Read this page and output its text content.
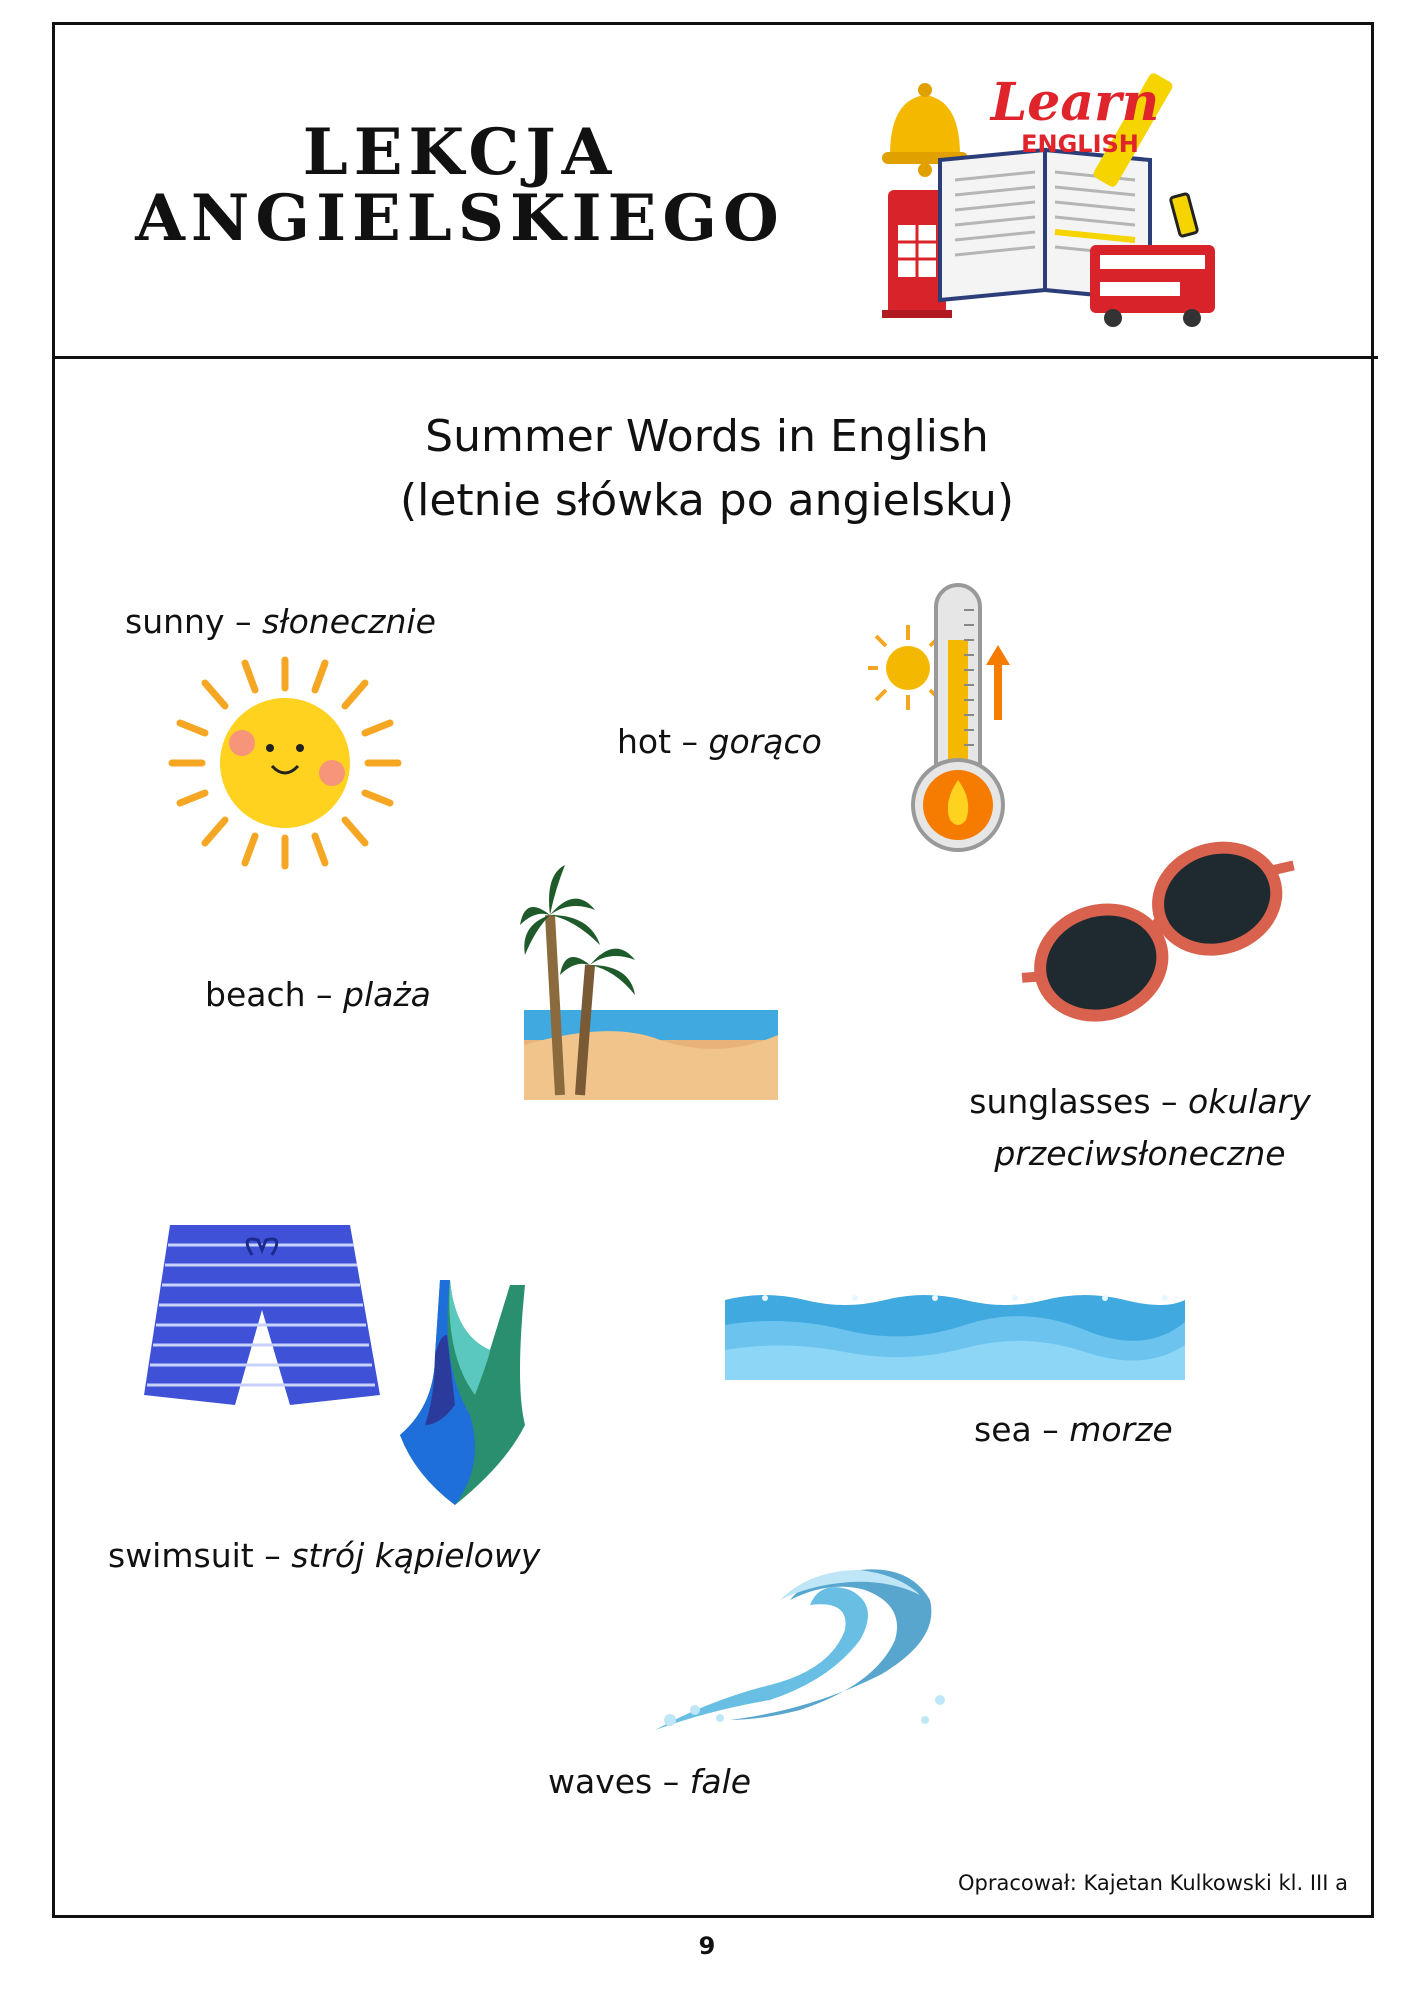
LEKCJA
ANGIELSKIEGO
Learn
ENGLISH
Summer Words in English
(letnie słówka po angielsku)
sunny – słonecznie
hot – gorąco
sunglasses – okulary
przeciwsłoneczne
beach – plaża
sea – morze
swimsuit – strój kąpielowy
waves – fale
Opracował: Kajetan Kulkowski kl. III a
9
